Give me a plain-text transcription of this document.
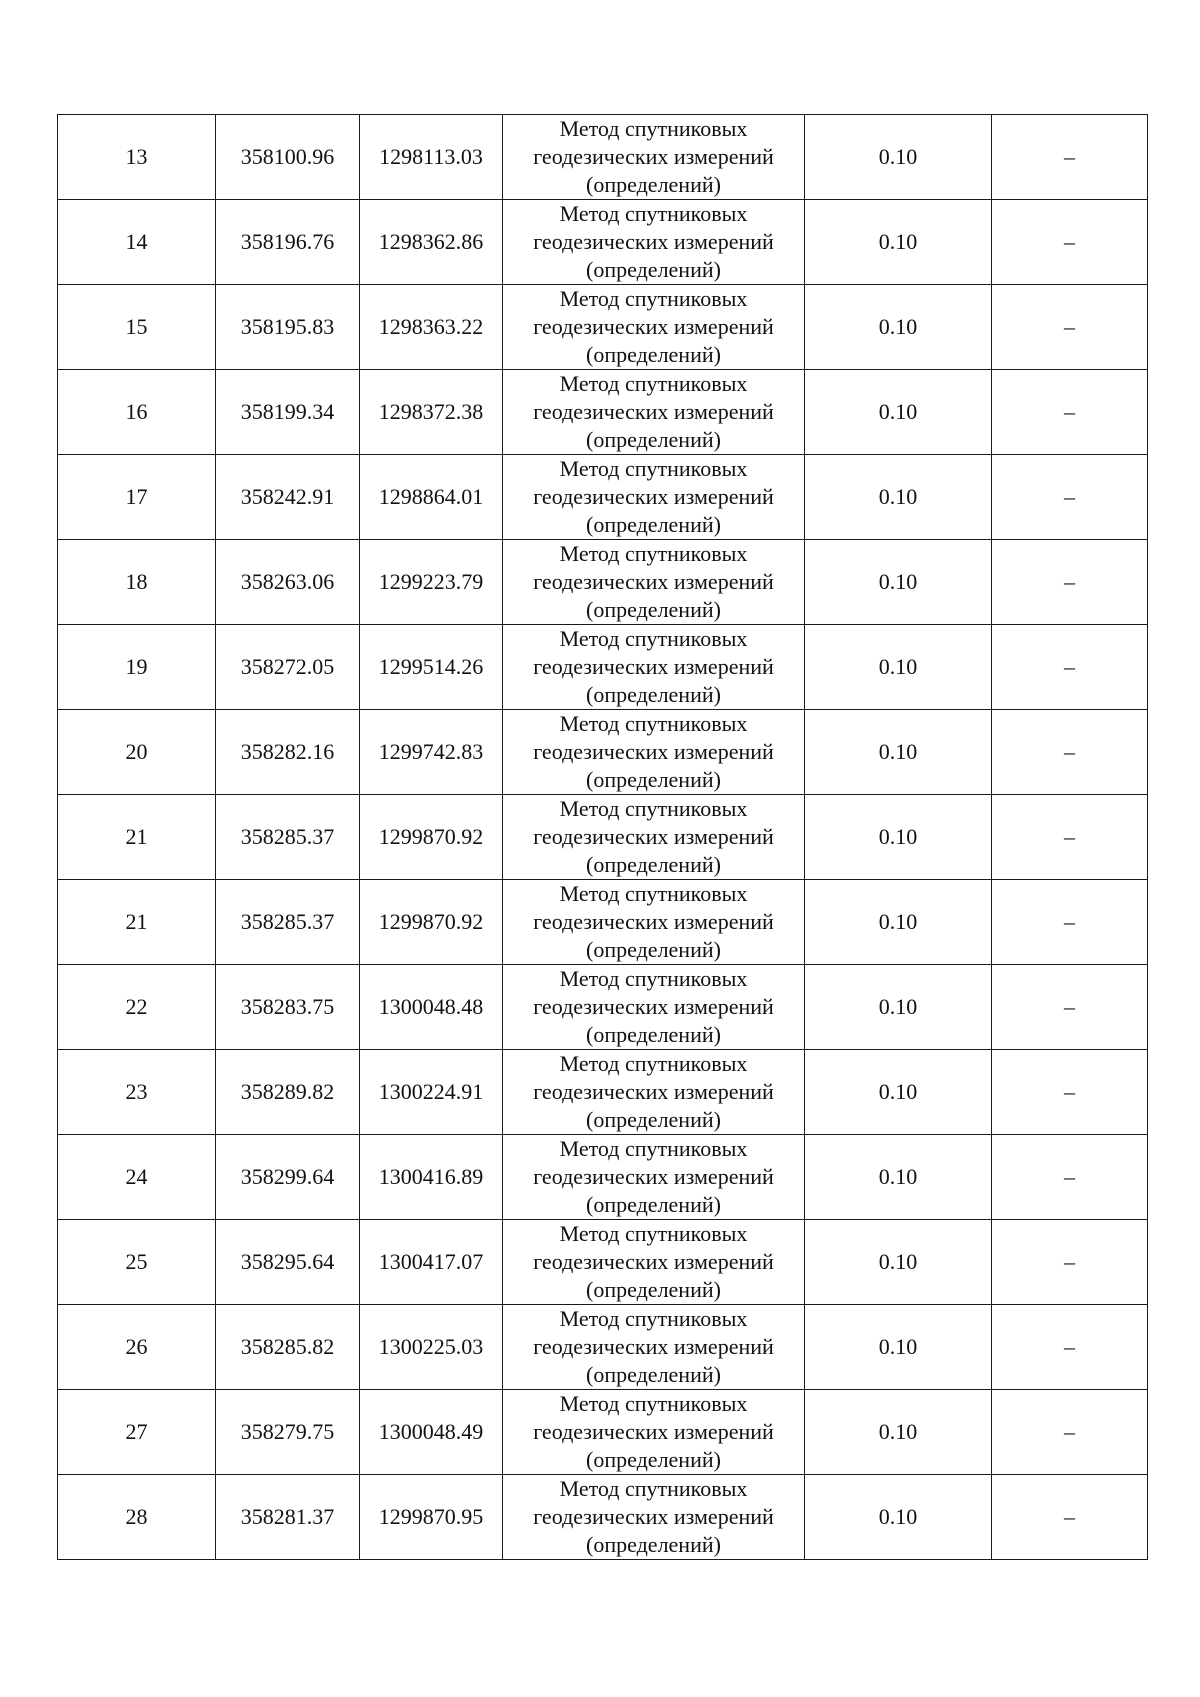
13	358100.96	1298113.03	Метод спутниковых
геодезических измерений
(определений)	0.10	–
14	358196.76	1298362.86	Метод спутниковых
геодезических измерений
(определений)	0.10	–
15	358195.83	1298363.22	Метод спутниковых
геодезических измерений
(определений)	0.10	–
16	358199.34	1298372.38	Метод спутниковых
геодезических измерений
(определений)	0.10	–
17	358242.91	1298864.01	Метод спутниковых
геодезических измерений
(определений)	0.10	–
18	358263.06	1299223.79	Метод спутниковых
геодезических измерений
(определений)	0.10	–
19	358272.05	1299514.26	Метод спутниковых
геодезических измерений
(определений)	0.10	–
20	358282.16	1299742.83	Метод спутниковых
геодезических измерений
(определений)	0.10	–
21	358285.37	1299870.92	Метод спутниковых
геодезических измерений
(определений)	0.10	–
21	358285.37	1299870.92	Метод спутниковых
геодезических измерений
(определений)	0.10	–
22	358283.75	1300048.48	Метод спутниковых
геодезических измерений
(определений)	0.10	–
23	358289.82	1300224.91	Метод спутниковых
геодезических измерений
(определений)	0.10	–
24	358299.64	1300416.89	Метод спутниковых
геодезических измерений
(определений)	0.10	–
25	358295.64	1300417.07	Метод спутниковых
геодезических измерений
(определений)	0.10	–
26	358285.82	1300225.03	Метод спутниковых
геодезических измерений
(определений)	0.10	–
27	358279.75	1300048.49	Метод спутниковых
геодезических измерений
(определений)	0.10	–
28	358281.37	1299870.95	Метод спутниковых
геодезических измерений
(определений)	0.10	–
